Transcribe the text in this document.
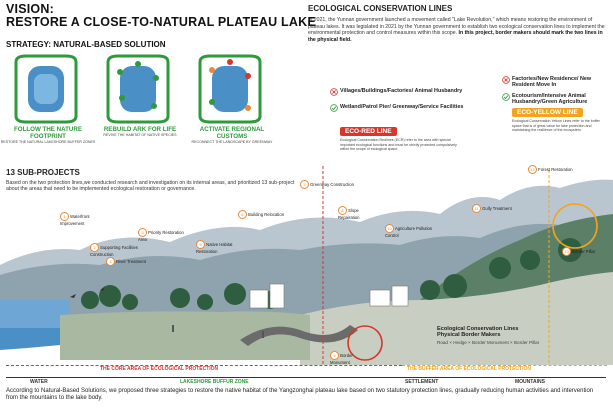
VISION:
RESTORE A CLOSE-TO-NATURAL PLATEAU LAKE
STRATEGY: NATURAL-BASED SOLUTION
FOLLOW THE NATURE FOOTPRINT
RESTORE THE NATURAL LAKESHORE BUFFER ZONES
REBUILD ARK FOR LIFE
REVIVE THE HABITAT OF NATIVE SPECIES
ACTIVATE REGIONAL CUSTOMS
RECONNECT THE LANDSCAPE BY GREENWAY
13 SUB-PROJECTS
Based on the two protection lines,we conducted research and investigation on its internal areas, and prioritized 13 sub-project about the areas that need to be implemented ecological restoration or governance.
ECOLOGICAL CONSERVATION LINES
In 2021, the Yunnan government launched a movement called "Lake Revolution," which means restoring the environment of plateau lakes. It was legislated in 2021 by the Yunnan government to establish two ecological conservation lines to implement the environmental protection and control measures within this scope. In this project, border makers should mark the two lines in the physical field.
Villages/Buildings/Factories/ Animal Husbandry
Wetland/Patrol Pier/ Greenway/Service Facilities
ECO-RED LINE
Ecological Conservation Redlines (ECR) refer to the area with special important ecological functions and must be strictly protected compulsively within the scope of ecological space.
Factories/New Residence/ New Resident Move In
Ecotourism/Intensive Animal Husbandry/Green Agriculture
ECO-YELLOW LINE
Ecological Conservation Yellow Lines refer to the buffer space that is of great value for lake protection and maintaining the resilience of the ecosystem.
1 Waterfront Improvement
2 Supporting Facilities Construction
3 Priority Restoration Area
4 River Treatment
5 Native Habitat Restoration
6 Building Relocation
7 Greenway Construction
8 Slope Repairation
9 Border Monument
10 Agriculture Pollution Control
11 Gully Treatment
12 Forest Restoration
13 Border Pillar
Ecological Conservation Lines
Physical Border Makers
Road × Hedge × Border Monument × Border Pillar
THE CORE AREA OF ECOLOGICAL PROTECTION	THE BUFFER AREA OF ECOLOGICAL PROTECTION
WATER	LAKESHORE BUFFUR ZONE	SETTLEMENT	MOUNTAINS
According to Natural-Based Solutions, we proposed three strategies to restore the native habitat of the Yangzonghai plateau lake based on two statutory protection lines, gradually reducing human activities and intervention from the mountains to the lake body.
